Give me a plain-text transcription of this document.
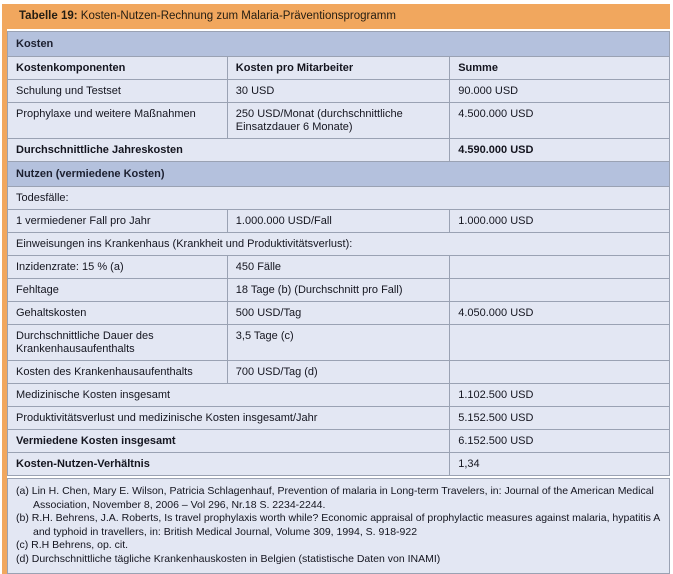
Tabelle 19: Kosten-Nutzen-Rechnung zum Malaria-Präventionsprogramm
Kosten		
Kostenkomponenten	Kosten pro Mitarbeiter	Summe
Schulung und Testset	30 USD	90.000 USD
Prophylaxe und weitere Maßnahmen	250 USD/Monat (durchschnittliche Einsatzdauer 6 Monate)	4.500.000 USD
Durchschnittliche Jahreskosten		4.590.000 USD
Nutzen (vermiedene Kosten)		
Todesfälle:		
1 vermiedener Fall pro Jahr	1.000.000 USD/Fall	1.000.000 USD
Einweisungen ins Krankenhaus (Krankheit und Produktivitätsverlust):		
Inzidenzrate: 15 % (a)	450 Fälle	
Fehltage	18 Tage (b) (Durchschnitt pro Fall)	
Gehaltskosten	500 USD/Tag	4.050.000 USD
Durchschnittliche Dauer des Krankenhausaufenthalts	3,5 Tage (c)	
Kosten des Krankenhausaufenthalts	700 USD/Tag (d)	
Medizinische Kosten insgesamt		1.102.500 USD
Produktivitätsverlust und medizinische Kosten insgesamt/Jahr		5.152.500 USD
Vermiedene Kosten insgesamt		6.152.500 USD
Kosten-Nutzen-Verhältnis		1,34
(a) Lin H. Chen, Mary E. Wilson, Patricia Schlagenhauf, Prevention of malaria in Long-term Travelers, in: Journal of the American Medical Association, November 8, 2006 – Vol 296, Nr.18 S. 2234-2244.
(b) R.H. Behrens, J.A. Roberts, Is travel prophylaxis worth while? Economic appraisal of prophylactic measures against malaria, hypatitis A and typhoid in travellers, in: British Medical Journal, Volume 309, 1994, S. 918-922
(c) R.H Behrens, op. cit.
(d) Durchschnittliche tägliche Krankenhauskosten in Belgien (statistische Daten von INAMI)
